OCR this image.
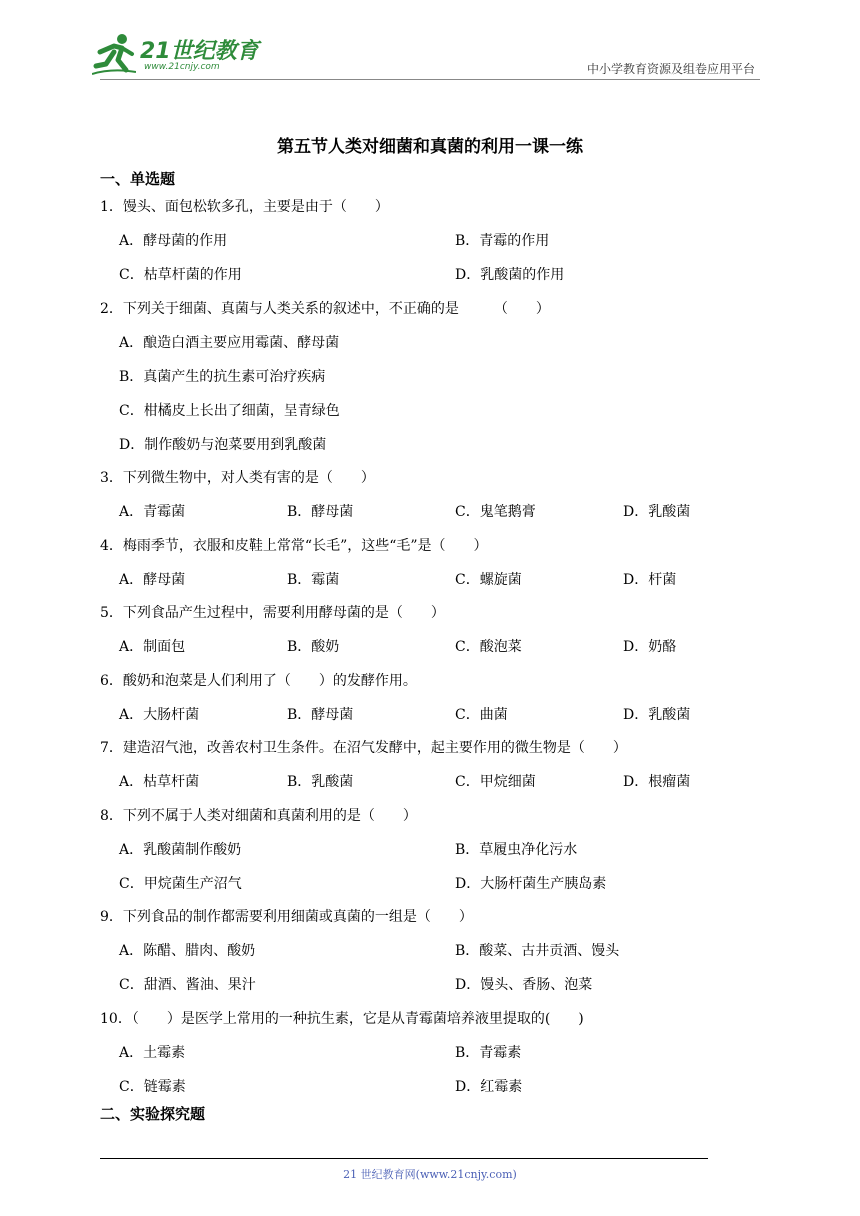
21世纪教育
www.21cnjy.com	中小学教育资源及组卷应用平台
第五节人类对细菌和真菌的利用一课一练
一、单选题
1．馒头、面包松软多孔，主要是由于（　　）
A．酵母菌的作用	B．青霉的作用
C．枯草杆菌的作用	D．乳酸菌的作用
2．下列关于细菌、真菌与人类关系的叙述中，不正确的是　　　（　　）
A．酿造白酒主要应用霉菌、酵母菌
B．真菌产生的抗生素可治疗疾病
C．柑橘皮上长出了细菌，呈青绿色
D．制作酸奶与泡菜要用到乳酸菌
3．下列微生物中，对人类有害的是（　　）
A．青霉菌	B．酵母菌	C．鬼笔鹅膏	D．乳酸菌
4．梅雨季节，衣服和皮鞋上常常“长毛”，这些“毛”是（　　）
A．酵母菌	B．霉菌	C．螺旋菌	D．杆菌
5．下列食品产生过程中，需要利用酵母菌的是（　　）
A．制面包	B．酸奶	C．酸泡菜	D．奶酪
6．酸奶和泡菜是人们利用了（　　）的发酵作用。
A．大肠杆菌	B．酵母菌	C．曲菌	D．乳酸菌
7．建造沼气池，改善农村卫生条件。在沼气发酵中，起主要作用的微生物是（　　）
A．枯草杆菌	B．乳酸菌	C．甲烷细菌	D．根瘤菌
8．下列不属于人类对细菌和真菌利用的是（　　）
A．乳酸菌制作酸奶	B．草履虫净化污水
C．甲烷菌生产沼气	D．大肠杆菌生产胰岛素
9．下列食品的制作都需要利用细菌或真菌的一组是（　　）
A．陈醋、腊肉、酸奶	B．酸菜、古井贡酒、馒头
C．甜酒、酱油、果汁	D．馒头、香肠、泡菜
10．（　　）是医学上常用的一种抗生素，它是从青霉菌培养液里提取的(　　)
A．土霉素	B．青霉素
C．链霉素	D．红霉素
二、实验探究题
21 世纪教育网(www.21cnjy.com)
